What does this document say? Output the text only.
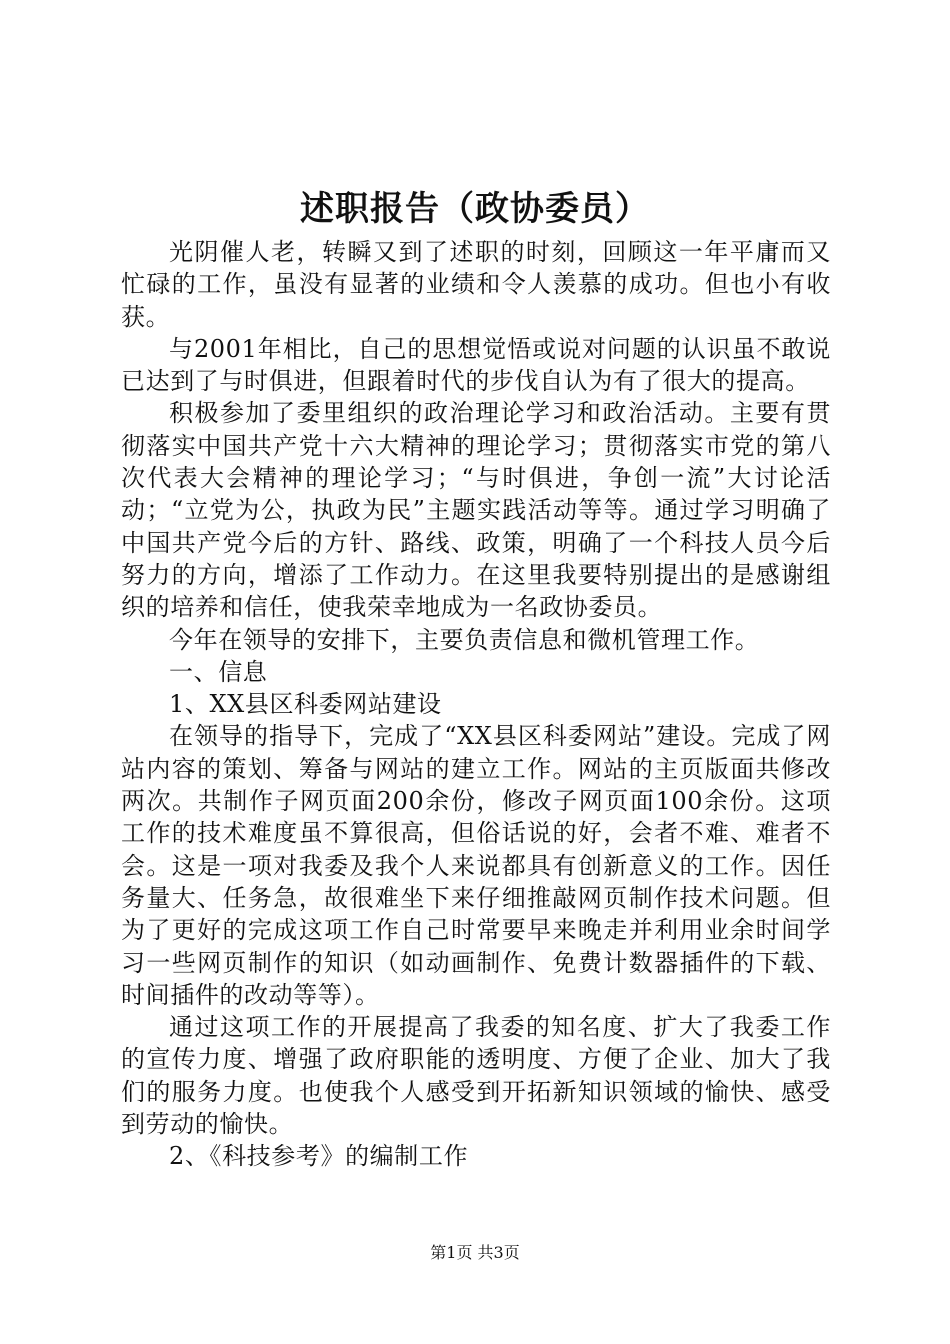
述职报告（政协委员）

光阴催人老，转瞬又到了述职的时刻，回顾这一年平庸而又忙碌的工作，虽没有显著的业绩和令人羡慕的成功。但也小有收获。

与2001年相比，自己的思想觉悟或说对问题的认识虽不敢说已达到了与时俱进，但跟着时代的步伐自认为有了很大的提高。

积极参加了委里组织的政治理论学习和政治活动。主要有贯彻落实中国共产党十六大精神的理论学习；贯彻落实市党的第八次代表大会精神的理论学习；“与时俱进，争创一流”大讨论活动；“立党为公，执政为民”主题实践活动等等。通过学习明确了中国共产党今后的方针、路线、政策，明确了一个科技人员今后努力的方向，增添了工作动力。在这里我要特别提出的是感谢组织的培养和信任，使我荣幸地成为一名政协委员。

今年在领导的安排下，主要负责信息和微机管理工作。

一、信息

1、XX县区科委网站建设

在领导的指导下，完成了“XX县区科委网站”建设。完成了网站内容的策划、筹备与网站的建立工作。网站的主页版面共修改两次。共制作子网页面200余份，修改子网页面100余份。这项工作的技术难度虽不算很高，但俗话说的好，会者不难、难者不会。这是一项对我委及我个人来说都具有创新意义的工作。因任务量大、任务急，故很难坐下来仔细推敲网页制作技术问题。但为了更好的完成这项工作自己时常要早来晚走并利用业余时间学习一些网页制作的知识（如动画制作、免费计数器插件的下载、时间插件的改动等等）。

通过这项工作的开展提高了我委的知名度、扩大了我委工作的宣传力度、增强了政府职能的透明度、方便了企业、加大了我们的服务力度。也使我个人感受到开拓新知识领域的愉快、感受到劳动的愉快。

2、《科技参考》的编制工作

第1页 共3页
